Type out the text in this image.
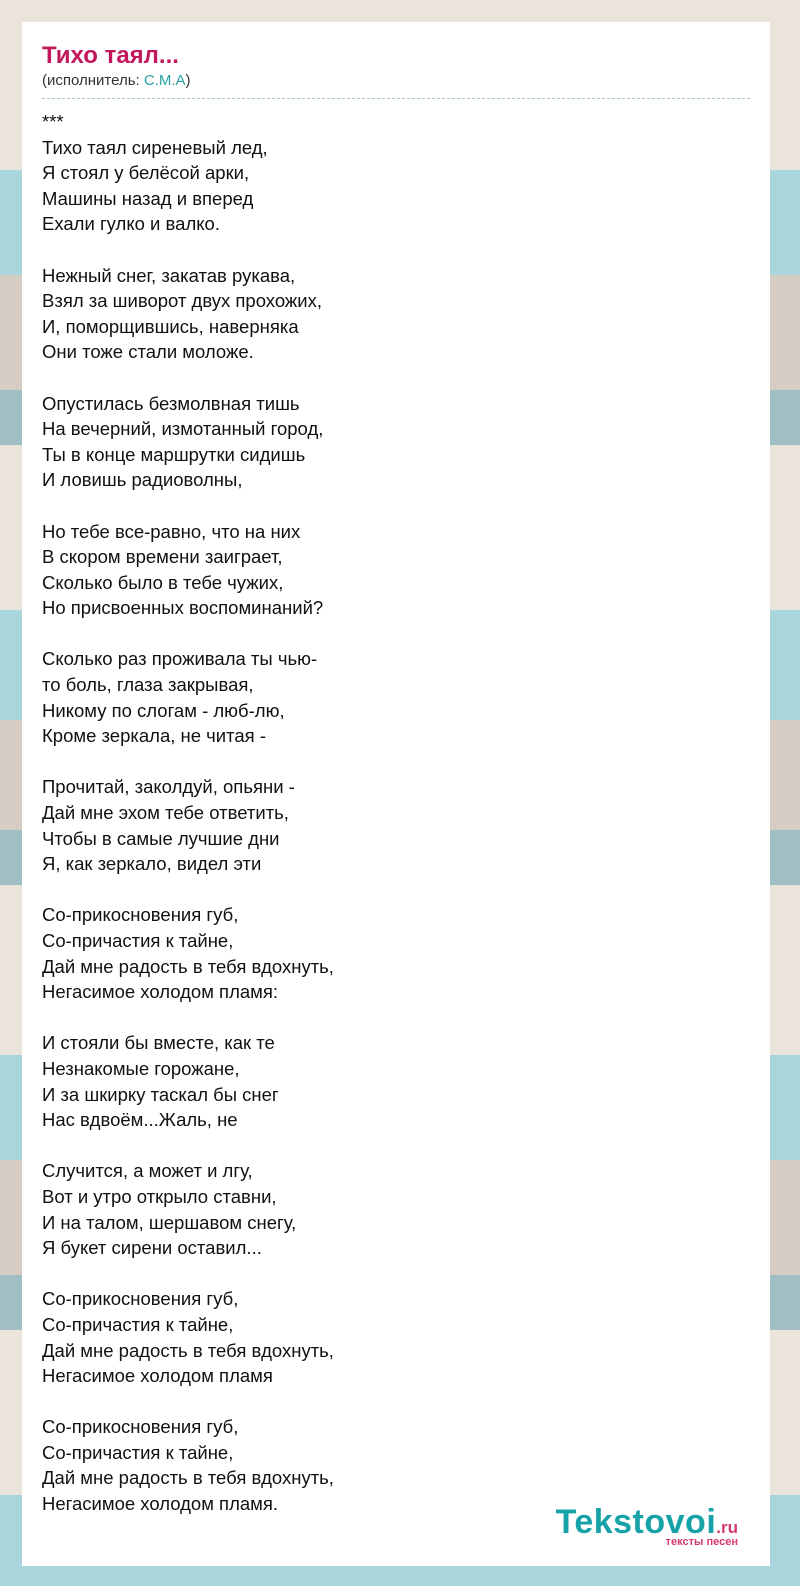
Тихо таял...
(исполнитель: С.М.А)
***
Тихо таял сиреневый лед,
Я стоял у белёсой арки,
Машины назад и вперед
Ехали гулко и валко.
Нежный снег, закатав рукава,
Взял за шиворот двух прохожих,
И, поморщившись, наверняка
Они тоже стали моложе.
Опустилась безмолвная тишь
На вечерний, измотанный город,
Ты в конце маршрутки сидишь
И ловишь радиоволны,
Но тебе все-равно, что на них
В скором времени заиграет,
Сколько было в тебе чужих,
Но присвоенных воспоминаний?
Сколько раз проживала ты чью-
то боль, глаза закрывая,
Никому по слогам - люб-лю,
Кроме зеркала, не читая -
Прочитай, заколдуй, опьяни -
Дай мне эхом тебе ответить,
Чтобы в самые лучшие дни
Я, как зеркало, видел эти
Со-прикосновения губ,
Со-причастия к тайне,
Дай мне радость в тебя вдохнуть,
Негасимое холодом пламя:
И стояли бы вместе, как те
Незнакомые горожане,
И за шкирку таскал бы снег
Нас вдвоём...Жаль, не
Случится, а может и лгу,
Вот и утро открыло ставни,
И на талом, шершавом снегу,
Я букет сирени оставил...
Со-прикосновения губ,
Со-причастия к тайне,
Дай мне радость в тебя вдохнуть,
Негасимое холодом пламя
Со-прикосновения губ,
Со-причастия к тайне,
Дай мне радость в тебя вдохнуть,
Негасимое холодом пламя.	Tekstovoi.ru
тексты песен
